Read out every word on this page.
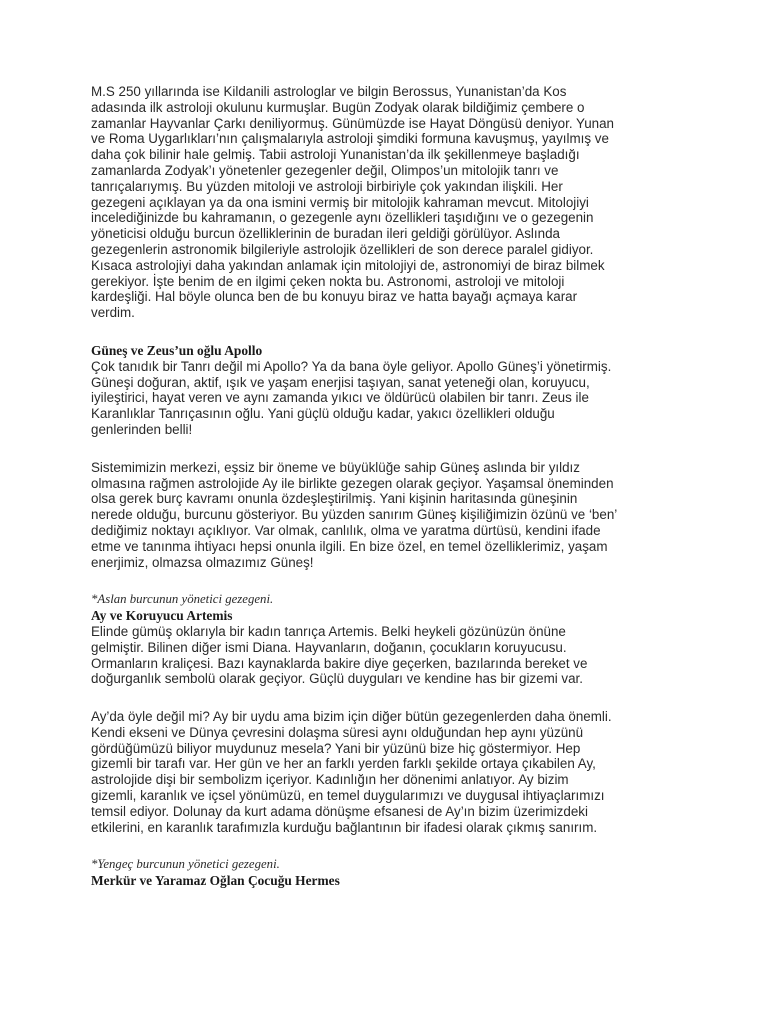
M.S 250 yıllarında ise Kildanili astrologlar ve bilgin Berossus, Yunanistan’da Kos
adasında ilk astroloji okulunu kurmuşlar. Bugün Zodyak olarak bildiğimiz çembere o
zamanlar Hayvanlar Çarkı deniliyormuş. Günümüzde ise Hayat Döngüsü deniyor. Yunan
ve Roma Uygarlıkları’nın çalışmalarıyla astroloji şimdiki formuna kavuşmuş, yayılmış ve
daha çok bilinir hale gelmiş. Tabii astroloji Yunanistan’da ilk şekillenmeye başladığı
zamanlarda Zodyak’ı yönetenler gezegenler değil, Olimpos’un mitolojik tanrı ve
tanrıçalarıymış. Bu yüzden mitoloji ve astroloji birbiriyle çok yakından ilişkili. Her
gezegeni açıklayan ya da ona ismini vermiş bir mitolojik kahraman mevcut. Mitolojiyi
incelediğinizde bu kahramanın, o gezegenle aynı özellikleri taşıdığını ve o gezegenin
yöneticisi olduğu burcun özelliklerinin de buradan ileri geldiği görülüyor. Aslında
gezegenlerin astronomik bilgileriyle astrolojik özellikleri de son derece paralel gidiyor.
Kısaca astrolojiyi daha yakından anlamak için mitolojiyi de, astronomiyi de biraz bilmek
gerekiyor. İşte benim de en ilgimi çeken nokta bu. Astronomi, astroloji ve mitoloji
kardeşliği. Hal böyle olunca ben de bu konuyu biraz ve hatta bayağı açmaya karar
verdim.

Güneş ve Zeus’un oğlu Apollo

Çok tanıdık bir Tanrı değil mi Apollo? Ya da bana öyle geliyor. Apollo Güneş’i yönetirmiş.
Güneşi doğuran, aktif, ışık ve yaşam enerjisi taşıyan, sanat yeteneği olan, koruyucu,
iyileştirici, hayat veren ve aynı zamanda yıkıcı ve öldürücü olabilen bir tanrı. Zeus ile
Karanlıklar Tanrıçasının oğlu. Yani güçlü olduğu kadar, yakıcı özellikleri olduğu
genlerinden belli!

Sistemimizin merkezi, eşsiz bir öneme ve büyüklüğe sahip Güneş aslında bir yıldız
olmasına rağmen astrolojide Ay ile birlikte gezegen olarak geçiyor. Yaşamsal öneminden
olsa gerek burç kavramı onunla özdeşleştirilmiş. Yani kişinin haritasında güneşinin
nerede olduğu, burcunu gösteriyor. Bu yüzden sanırım Güneş kişiliğimizin özünü ve ‘ben’
dediğimiz noktayı açıklıyor. Var olmak, canlılık, olma ve yaratma dürtüsü, kendini ifade
etme ve tanınma ihtiyacı hepsi onunla ilgili. En bize özel, en temel özelliklerimiz, yaşam
enerjimiz, olmazsa olmazımız Güneş!

*Aslan burcunun yönetici gezegeni.

Ay ve Koruyucu Artemis

Elinde gümüş oklarıyla bir kadın tanrıça Artemis. Belki heykeli gözünüzün önüne
gelmiştir. Bilinen diğer ismi Diana. Hayvanların, doğanın, çocukların koruyucusu.
Ormanların kraliçesi. Bazı kaynaklarda bakire diye geçerken, bazılarında bereket ve
doğurganlık sembolü olarak geçiyor. Güçlü duyguları ve kendine has bir gizemi var.

Ay’da öyle değil mi? Ay bir uydu ama bizim için diğer bütün gezegenlerden daha önemli.
Kendi ekseni ve Dünya çevresini dolaşma süresi aynı olduğundan hep aynı yüzünü
gördüğümüzü biliyor muydunuz mesela? Yani bir yüzünü bize hiç göstermiyor. Hep
gizemli bir tarafı var. Her gün ve her an farklı yerden farklı şekilde ortaya çıkabilen Ay,
astrolojide dişi bir sembolizm içeriyor. Kadınlığın her dönenimi anlatıyor. Ay bizim
gizemli, karanlık ve içsel yönümüzü, en temel duygularımızı ve duygusal ihtiyaçlarımızı
temsil ediyor. Dolunay da kurt adama dönüşme efsanesi de Ay’ın bizim üzerimizdeki
etkilerini, en karanlık tarafımızla kurduğu bağlantının bir ifadesi olarak çıkmış sanırım.

*Yengeç burcunun yönetici gezegeni.

Merkür ve Yaramaz Oğlan Çocuğu Hermes
